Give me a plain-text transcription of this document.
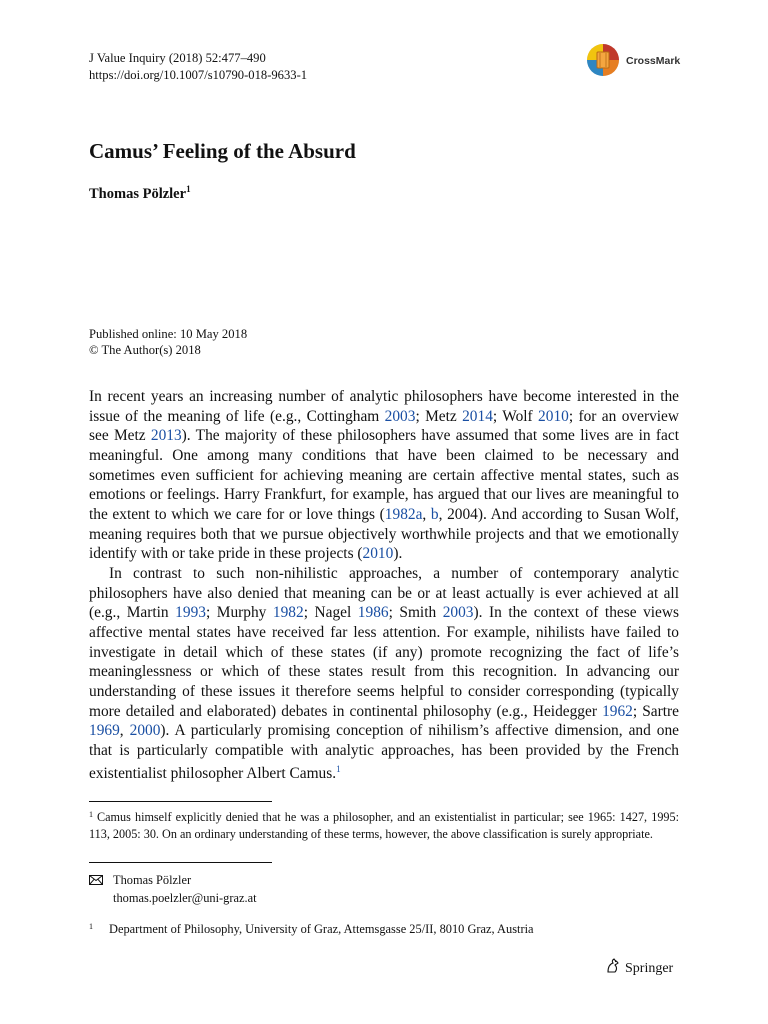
J Value Inquiry (2018) 52:477–490
https://doi.org/10.1007/s10790-018-9633-1
CrossMark
Camus’ Feeling of the Absurd
Thomas Pölzler$^1$
Published online: 10 May 2018
© The Author(s) 2018

In recent years an increasing number of analytic philosophers have become interested in the issue of the meaning of life (e.g., Cottingham 2003; Metz 2014; Wolf 2010; for an overview see Metz 2013). The majority of these philosophers have assumed that some lives are in fact meaningful. One among many conditions that have been claimed to be necessary and sometimes even sufficient for achieving meaning are certain affective mental states, such as emotions or feelings. Harry Frankfurt, for example, has argued that our lives are meaningful to the extent to which we care for or love things (1982a, b, 2004). And according to Susan Wolf, meaning requires both that we pursue objectively worthwhile projects and that we emotionally identify with or take pride in these projects (2010).

In contrast to such non-nihilistic approaches, a number of contemporary analytic philosophers have also denied that meaning can be or at least actually is ever achieved at all (e.g., Martin 1993; Murphy 1982; Nagel 1986; Smith 2003). In the context of these views affective mental states have received far less attention. For example, nihilists have failed to investigate in detail which of these states (if any) promote recognizing the fact of life’s meaninglessness or which of these states result from this recognition. In advancing our understanding of these issues it therefore seems helpful to consider corresponding (typically more detailed and elaborated) debates in continental philosophy (e.g., Heidegger 1962; Sartre 1969, 2000). A particularly promising conception of nihilism’s affective dimension, and one that is particularly compatible with analytic approaches, has been provided by the French existentialist philosopher Albert Camus.$^1$

$^1$ Camus himself explicitly denied that he was a philosopher, and an existentialist in particular; see 1965: 1427, 1995: 113, 2005: 30. On an ordinary understanding of these terms, however, the above classification is surely appropriate.
Thomas Pölzler
thomas.poelzler@uni-graz.at
$^1$ Department of Philosophy, University of Graz, Attemsgasse 25/II, 8010 Graz, Austria
Springer
